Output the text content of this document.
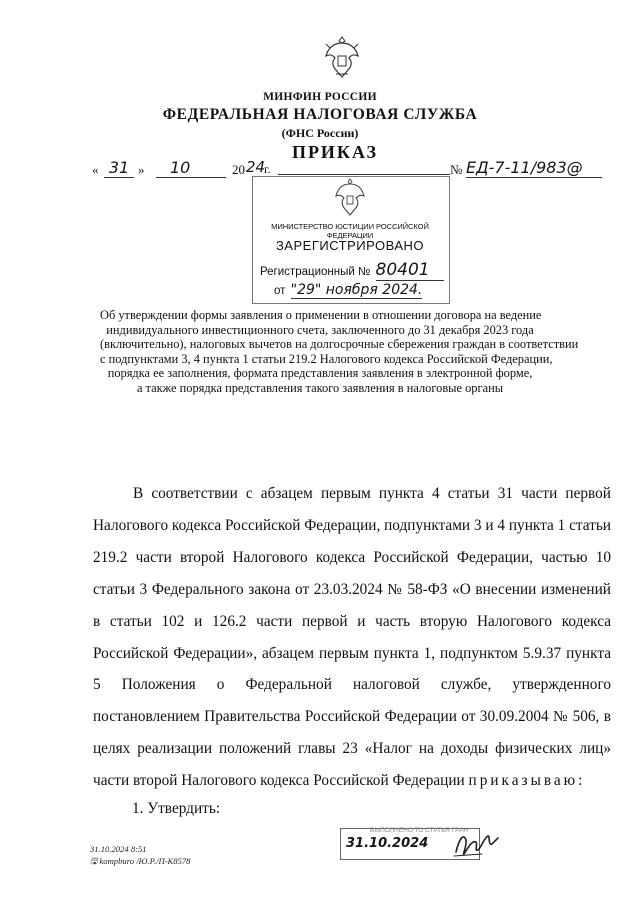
МИНФИН РОССИИ
ФЕДЕРАЛЬНАЯ НАЛОГОВАЯ СЛУЖБА
(ФНС России)
ПРИКАЗ
« 31 »	10	20 24
г.	№ ЕД-7-11/983@
МИНИСТЕРСТВО ЮСТИЦИИ РОССИЙСКОЙ ФЕДЕРАЦИИ
ЗАРЕГИСТРИРОВАНО
Регистрационный № 80401
от "29" ноября 2024.
Об утверждении формы заявления о применении в отношении договора на ведение
индивидуального инвестиционного счета, заключенного до 31 декабря 2023 года
(включительно), налоговых вычетов на долгосрочные сбережения граждан в соответствии
с подпунктами 3, 4 пункта 1 статьи 219.2 Налогового кодекса Российской Федерации,
порядка ее заполнения, формата представления заявления в электронной форме,
а также порядка представления такого заявления в налоговые органы

В соответствии с абзацем первым пункта 4 статьи 31 части первой Налогового кодекса Российской Федерации, подпунктами 3 и 4 пункта 1 статьи 219.2 части второй Налогового кодекса Российской Федерации, частью 10 статьи 3 Федерального закона от 23.03.2024 № 58-ФЗ «О внесении изменений в статьи 102 и 126.2 части первой и часть вторую Налогового кодекса Российской Федерации», абзацем первым пункта 1, подпунктом 5.9.37 пункта 5 Положения о Федеральной налоговой службе, утвержденного постановлением Правительства Российской Федерации от 30.09.2004 № 506, в целях реализации положений главы 23 «Налог на доходы физических лиц» части второй Налогового кодекса Российской Федерации приказываю:

1. Утвердить:
31.10.2024 8:51
🖫 kompburo /Ю.Р./П-К8578
ВЫПОЛНЕНО ТО СТАТЬЯ ГРАН
31.10.2024
